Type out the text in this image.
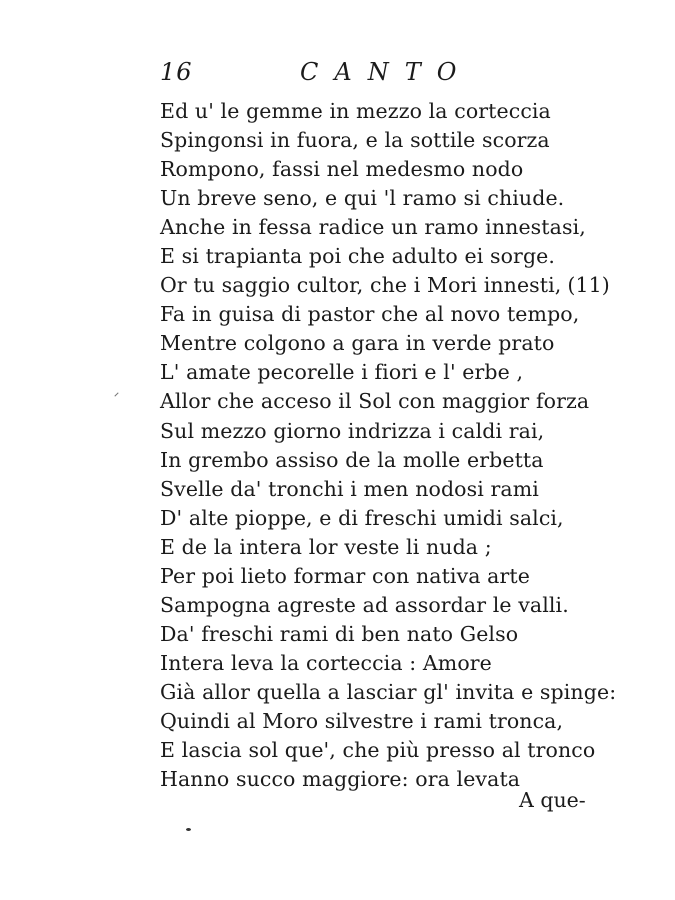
16	CANTO
Ed u' le gemme in mezzo la corteccia
Spingonsi in fuora, e la sottile scorza
Rompono, fassi nel medesmo nodo
Un breve seno, e qui 'l ramo si chiude.
Anche in fessa radice un ramo innestasi,
E si trapianta poi che adulto ei sorge.
Or tu saggio cultor, che i Mori innesti, (11)
Fa in guisa di pastor che al novo tempo,
Mentre colgono a gara in verde prato
L' amate pecorelle i fiori e l' erbe ,
Allor che acceso il Sol con maggior forza
Sul mezzo giorno indrizza i caldi rai,
In grembo assiso de la molle erbetta
Svelle da' tronchi i men nodosi rami
D' alte pioppe, e di freschi umidi salci,
E de la intera lor veste li nuda ;
Per poi lieto formar con nativa arte
Sampogna agreste ad assordar le valli.
Da' freschi rami di ben nato Gelso
Intera leva la corteccia : Amore
Già allor quella a lasciar gl' invita e spinge:
Quindi al Moro silvestre i rami tronca,
E lascia sol que', che più presso al tronco
Hanno succo maggiore: ora levata
A que-
